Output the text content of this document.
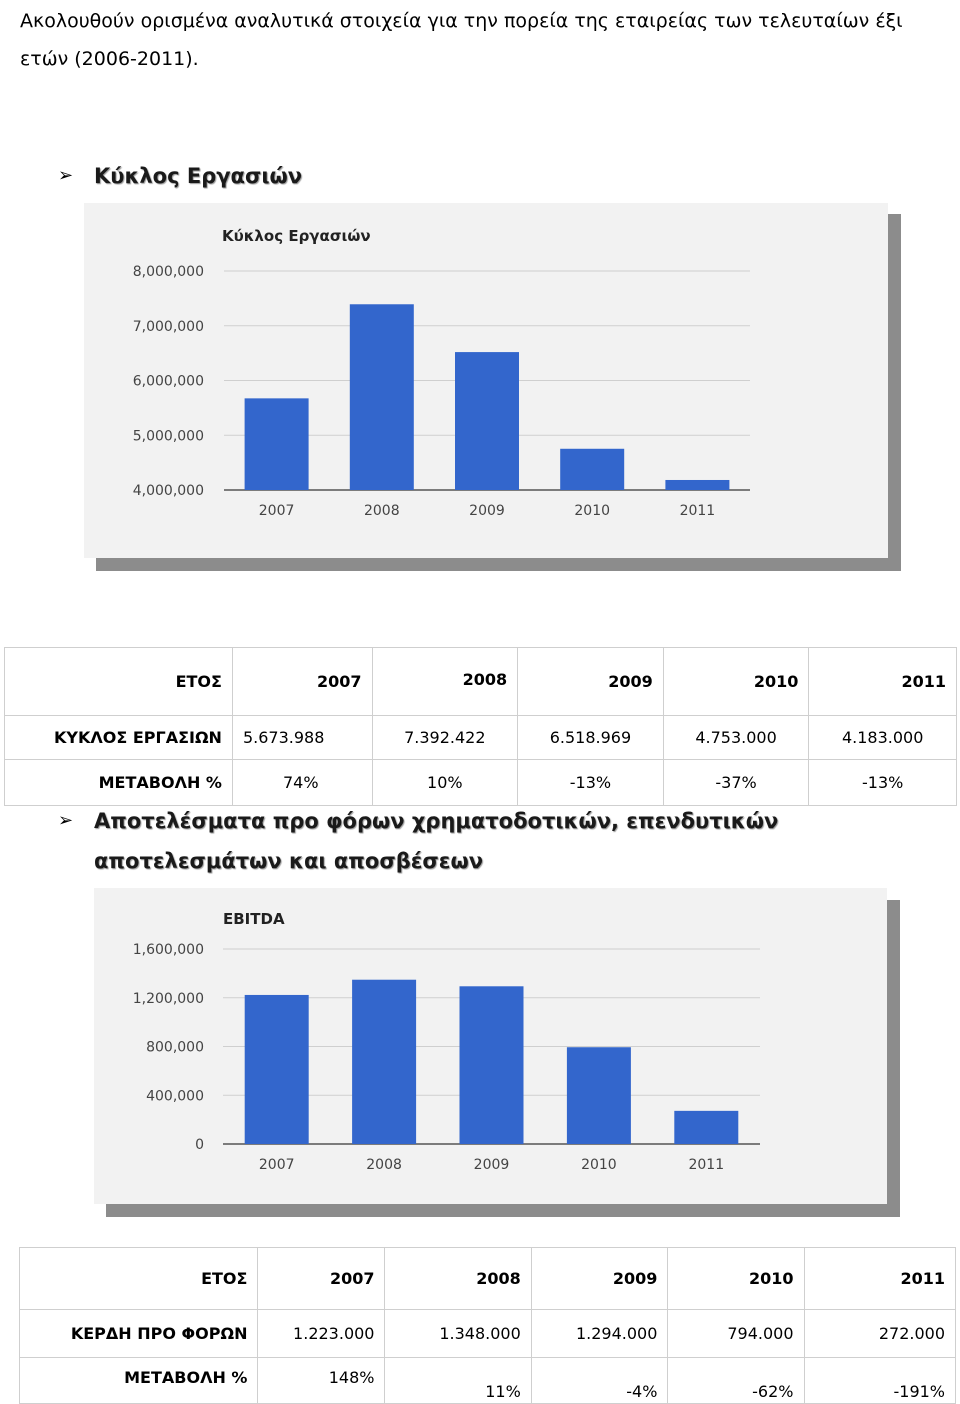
Ακολουθούν ορισμένα αναλυτικά στοιχεία για την πορεία της εταιρείας των τελευταίων έξι ετών (2006-2011).
➢ Κύκλος Εργασιών
Κύκλος Εργασιών
4,000,000
5,000,000
6,000,000
7,000,000
8,000,000
2007	2008	2009	2010	2011
ΕΤΟΣ	2007	2008	2009	2010	2011
ΚΥΚΛΟΣ ΕΡΓΑΣΙΩΝ	5.673.988	7.392.422	6.518.969	4.753.000	4.183.000
ΜΕΤΑΒΟΛΗ %	74%	10%	-13%	-37%	-13%
➢ Αποτελέσματα προ φόρων χρηματοδοτικών, επενδυτικών
αποτελεσμάτων και αποσβέσεων
EBITDA
0
400,000
800,000
1,200,000
1,600,000
2007	2008	2009	2010	2011
ΕΤΟΣ	2007	2008	2009	2010	2011
ΚΕΡΔΗ ΠΡΟ ΦΟΡΩΝ	1.223.000	1.348.000	1.294.000	794.000	272.000
ΜΕΤΑΒΟΛΗ %	148%	11%	-4%	-62%	-191%
